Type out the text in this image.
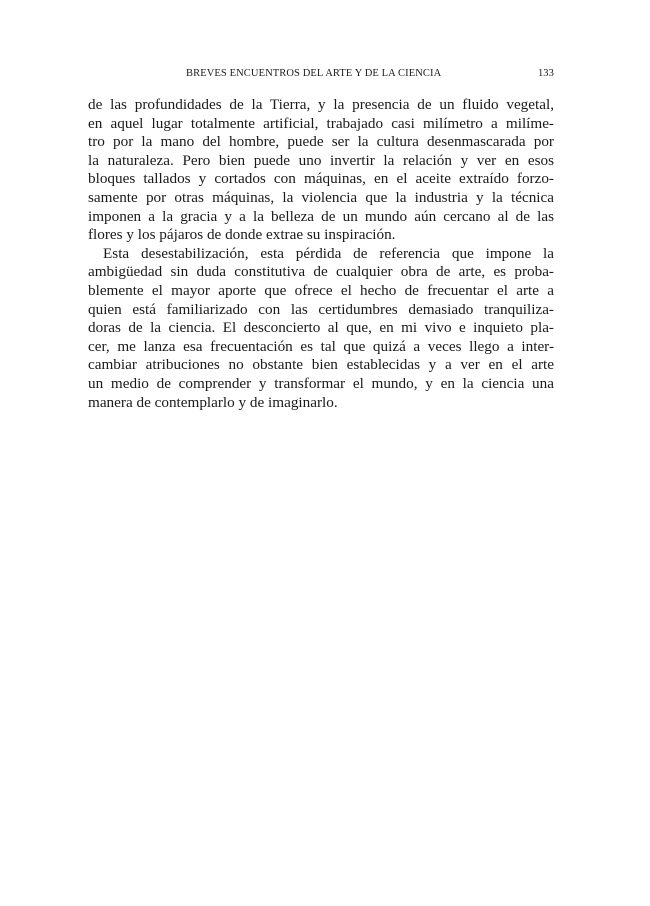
BREVES ENCUENTROS DEL ARTE Y DE LA CIENCIA	133
de las profundidades de la Tierra, y la presencia de un fluido vegetal,
en aquel lugar totalmente artificial, trabajado casi milímetro a milíme-
tro por la mano del hombre, puede ser la cultura desenmascarada por
la naturaleza. Pero bien puede uno invertir la relación y ver en esos
bloques tallados y cortados con máquinas, en el aceite extraído forzo-
samente por otras máquinas, la violencia que la industria y la técnica
imponen a la gracia y a la belleza de un mundo aún cercano al de las
flores y los pájaros de donde extrae su inspiración.
Esta desestabilización, esta pérdida de referencia que impone la
ambigüedad sin duda constitutiva de cualquier obra de arte, es proba-
blemente el mayor aporte que ofrece el hecho de frecuentar el arte a
quien está familiarizado con las certidumbres demasiado tranquiliza-
doras de la ciencia. El desconcierto al que, en mi vivo e inquieto pla-
cer, me lanza esa frecuentación es tal que quizá a veces llego a inter-
cambiar atribuciones no obstante bien establecidas y a ver en el arte
un medio de comprender y transformar el mundo, y en la ciencia una
manera de contemplarlo y de imaginarlo.
